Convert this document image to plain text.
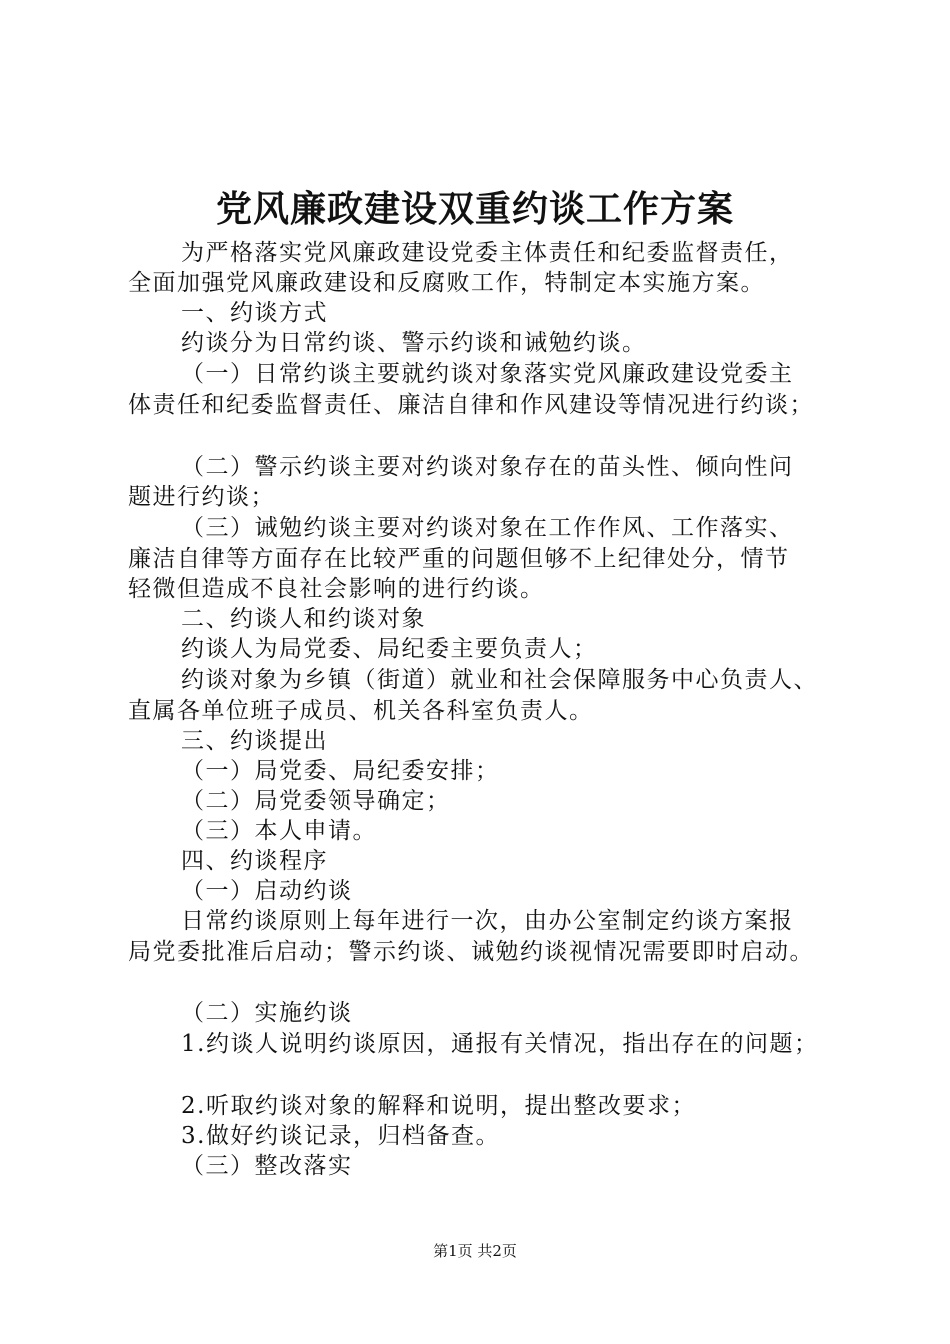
党风廉政建设双重约谈工作方案
为严格落实党风廉政建设党委主体责任和纪委监督责任，
全面加强党风廉政建设和反腐败工作，特制定本实施方案。
一、约谈方式
约谈分为日常约谈、警示约谈和诫勉约谈。
（一）日常约谈主要就约谈对象落实党风廉政建设党委主
体责任和纪委监督责任、廉洁自律和作风建设等情况进行约谈；
（二）警示约谈主要对约谈对象存在的苗头性、倾向性问
题进行约谈；
（三）诫勉约谈主要对约谈对象在工作作风、工作落实、
廉洁自律等方面存在比较严重的问题但够不上纪律处分，情节
轻微但造成不良社会影响的进行约谈。
二、约谈人和约谈对象
约谈人为局党委、局纪委主要负责人；
约谈对象为乡镇（街道）就业和社会保障服务中心负责人、
直属各单位班子成员、机关各科室负责人。
三、约谈提出
（一）局党委、局纪委安排；
（二）局党委领导确定；
（三）本人申请。
四、约谈程序
（一）启动约谈
日常约谈原则上每年进行一次，由办公室制定约谈方案报
局党委批准后启动；警示约谈、诫勉约谈视情况需要即时启动。
（二）实施约谈
1.约谈人说明约谈原因，通报有关情况，指出存在的问题；
2.听取约谈对象的解释和说明，提出整改要求；
3.做好约谈记录，归档备查。
（三）整改落实
第1页 共2页
